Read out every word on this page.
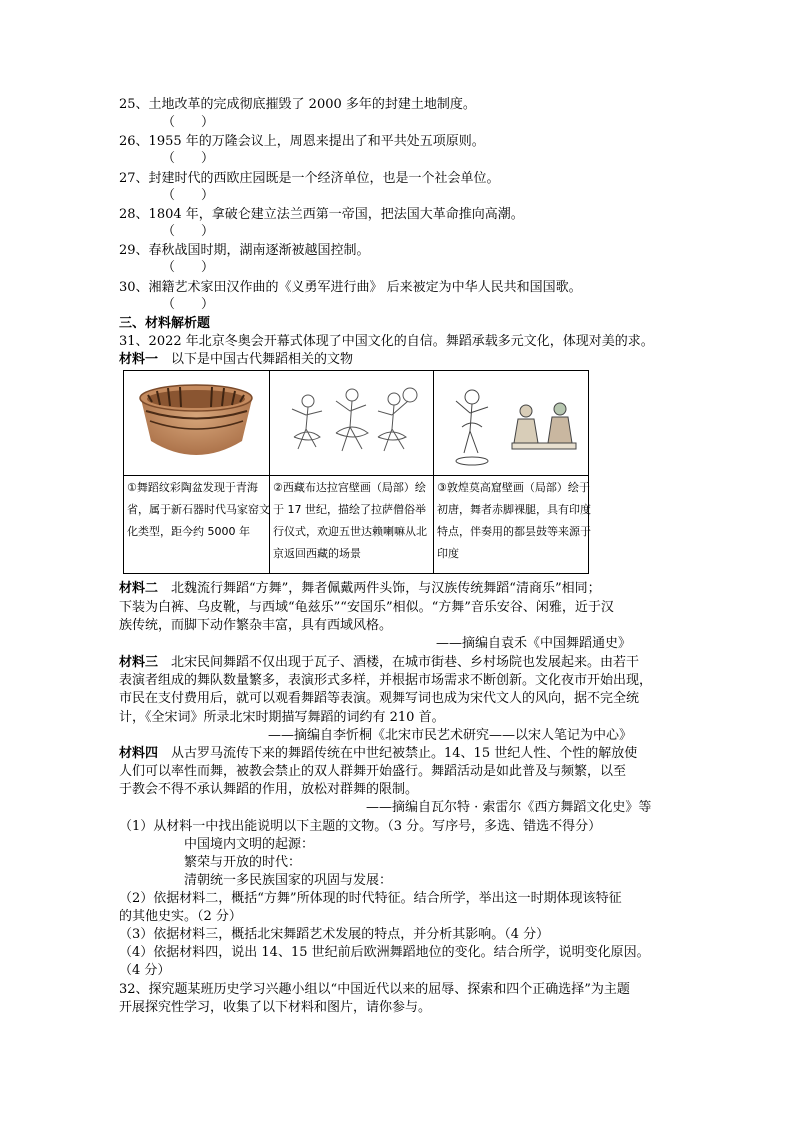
25、土地改革的完成彻底摧毁了 2000 多年的封建土地制度。
（　　）
26、1955 年的万隆会议上，周恩来提出了和平共处五项原则。
（　　）
27、封建时代的西欧庄园既是一个经济单位，也是一个社会单位。
（　　）
28、1804 年，拿破仑建立法兰西第一帝国，把法国大革命推向高潮。
（　　）
29、春秋战国时期，湖南逐渐被越国控制。
（　　）
30、湘籍艺术家田汉作曲的《义勇军进行曲》 后来被定为中华人民共和国国歌。
（　　）
三、材料解析题
31、2022 年北京冬奥会开幕式体现了中国文化的自信。舞蹈承载多元文化，体现对美的求。
材料一　以下是中国古代舞蹈相关的文物
①舞蹈纹彩陶盆发现于青海省，属于新石器时代马家窑文化类型，距今约 5000 年
②西藏布达拉宫壁画（局部）绘于 17 世纪，描绘了拉萨僧俗举行仪式，欢迎五世达赖喇嘛从北京返回西藏的场景
③敦煌莫高窟壁画（局部）绘于初唐，舞者赤脚裸腿，具有印度特点，伴奏用的都昙鼓等来源于印度
材料二　北魏流行舞蹈“方舞”，舞者佩戴两件头饰，与汉族传统舞蹈“清商乐”相同；
下装为白裤、乌皮靴，与西域“龟兹乐”“安国乐”相似。“方舞”音乐安谷、闲雅，近于汉
族传统，而脚下动作繁杂丰富，具有西域风格。
——摘编自袁禾《中国舞蹈通史》
材料三　北宋民间舞蹈不仅出现于瓦子、酒楼，在城市街巷、乡村场院也发展起来。由若干
表演者组成的舞队数量繁多，表演形式多样，并根据市场需求不断创新。文化夜市开始出现，
市民在支付费用后，就可以观看舞蹈等表演。观舞写词也成为宋代文人的风向，据不完全统
计，《全宋词》所录北宋时期描写舞蹈的词约有 210 首。
——摘编自李忻桐《北宋市民艺术研究——以宋人笔记为中心》
材料四　从古罗马流传下来的舞蹈传统在中世纪被禁止。14、15 世纪人性、个性的解放使
人们可以率性而舞，被教会禁止的双人群舞开始盛行。舞蹈活动是如此普及与频繁，以至
于教会不得不承认舞蹈的作用，放松对群舞的限制。
——摘编自瓦尔特 · 索雷尔《西方舞蹈文化史》等
（1）从材料一中找出能说明以下主题的文物。（3 分。写序号，多选、错选不得分）
中国境内文明的起源：
繁荣与开放的时代：
清朝统一多民族国家的巩固与发展：
（2）依据材料二，概括“方舞”所体现的时代特征。结合所学，举出这一时期体现该特征
的其他史实。（2 分）
（3）依据材料三，概括北宋舞蹈艺术发展的特点，并分析其影响。（4 分）
（4）依据材料四，说出 14、15 世纪前后欧洲舞蹈地位的变化。结合所学，说明变化原因。
（4 分）
32、探究题某班历史学习兴趣小组以“中国近代以来的屈辱、探索和四个正确选择”为主题
开展探究性学习，收集了以下材料和图片，请你参与。
